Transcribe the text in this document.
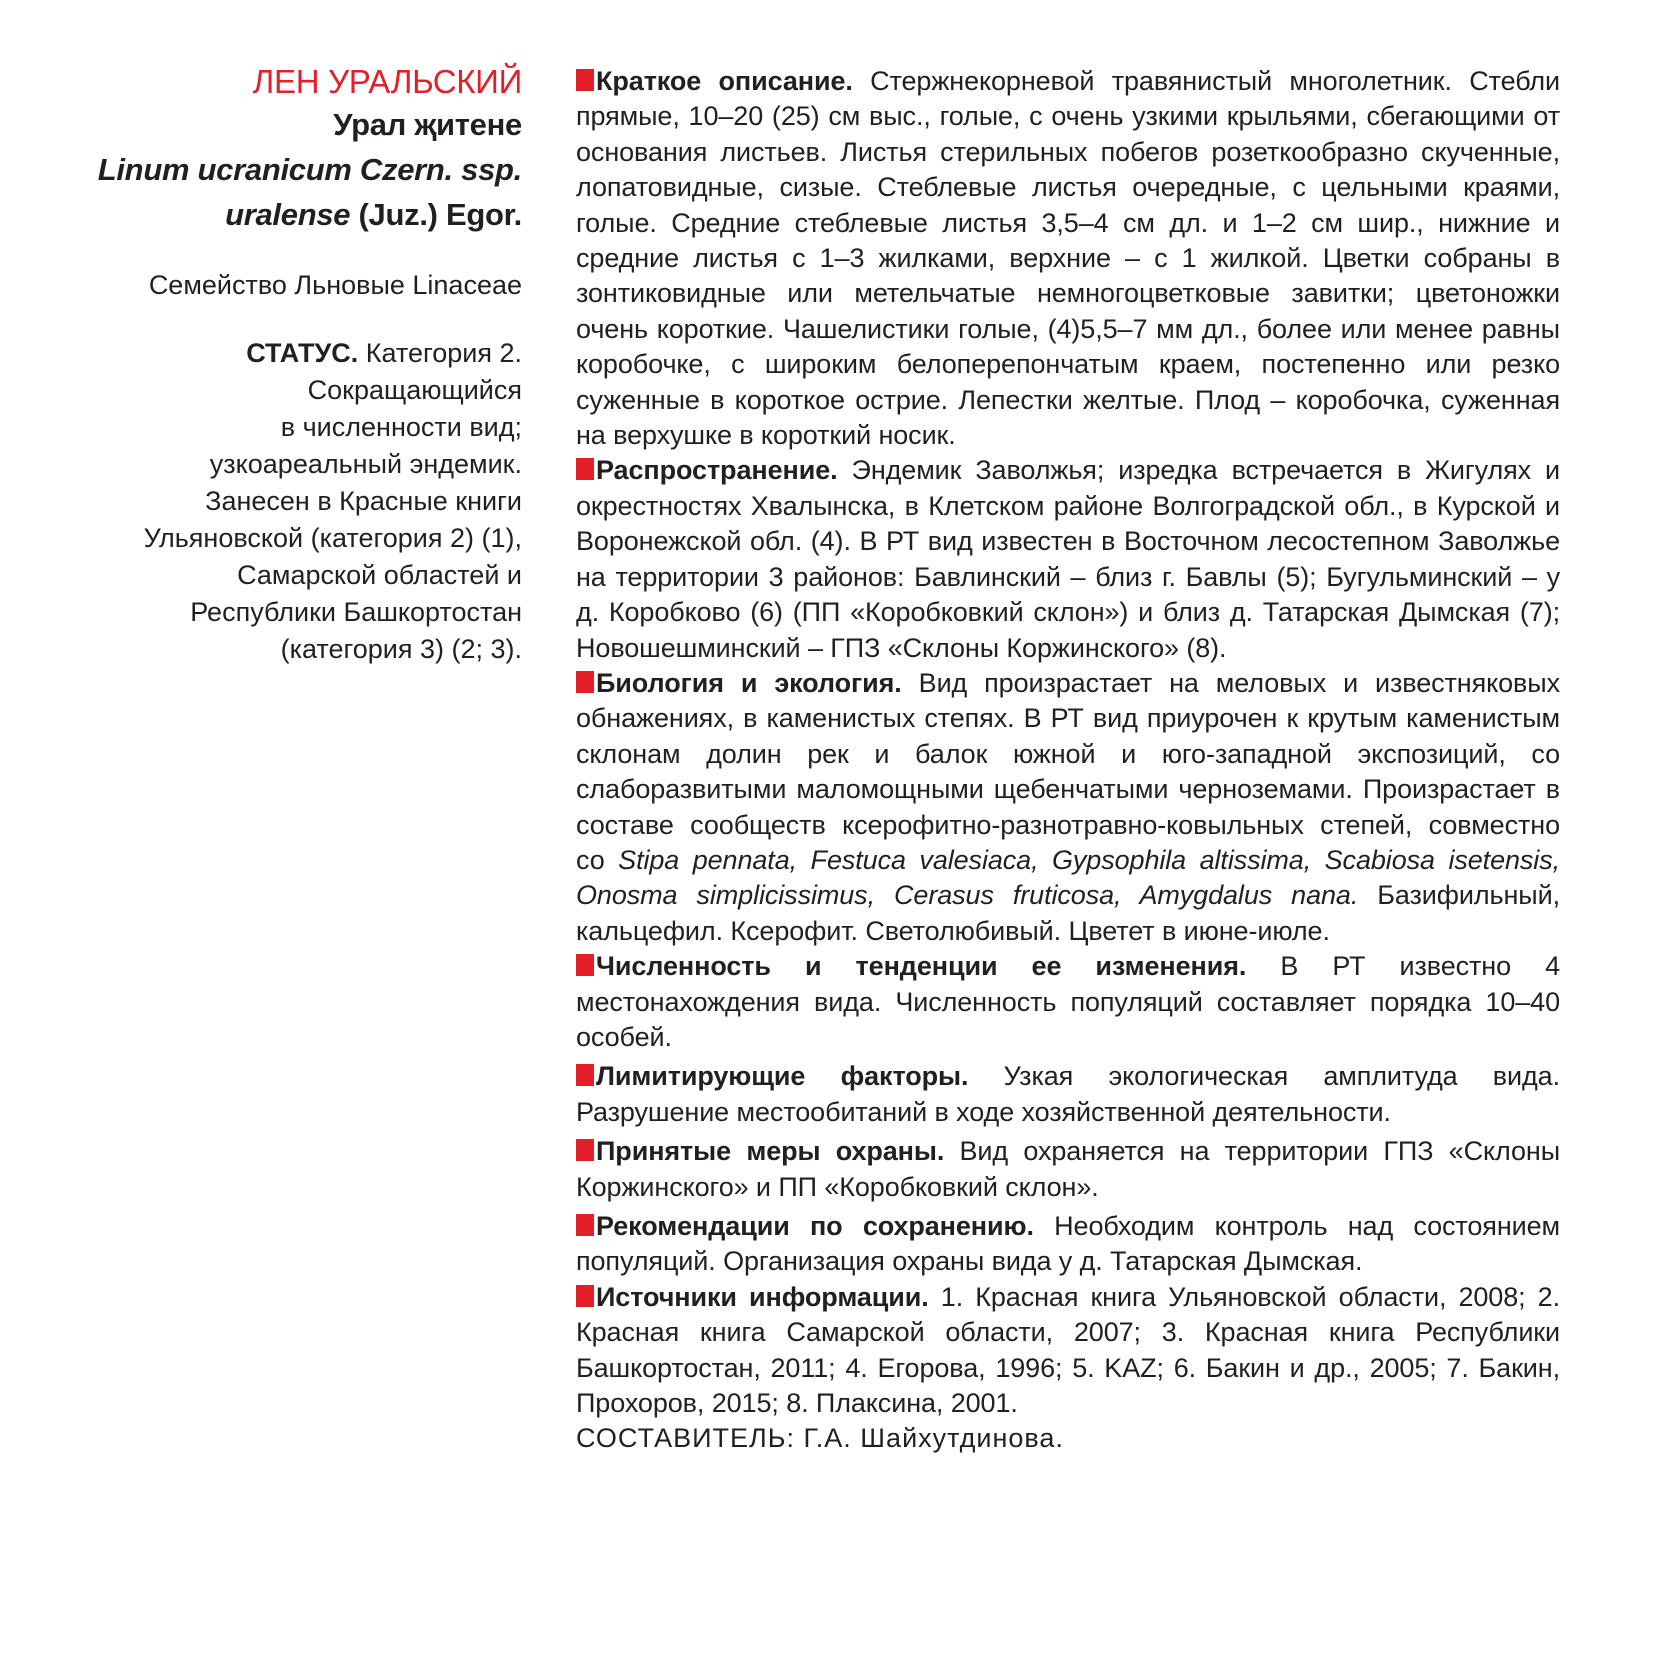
ЛЕН УРАЛЬСКИЙ
Урал җитене
Linum ucranicum Czern. ssp.
uralense (Juz.) Egor.
Семейство Льновые Linaceae
СТАТУС. Категория 2.
Сокращающийся
в численности вид;
узкоареальный эндемик.
Занесен в Красные книги
Ульяновской (категория 2) (1),
Самарской областей и
Республики Башкортостан
(категория 3) (2; 3).

Краткое описание. Стержнекорневой травянистый многолетник. Стебли прямые, 10–20 (25) см выс., голые, с очень узкими крыльями, сбегающими от основания листьев. Листья стерильных побегов розеткообразно скученные, лопатовидные, сизые. Стеблевые листья очередные, с цельными краями, голые. Средние стеблевые листья 3,5–4 см дл. и 1–2 см шир., нижние и средние листья с 1–3 жилками, верхние – с 1 жилкой. Цветки собраны в зонтиковидные или метельчатые немногоцветковые завитки; цветоножки очень короткие. Чашелистики голые, (4)5,5–7 мм дл., более или менее равны коробочке, с широким белоперепончатым краем, постепенно или резко суженные в короткое острие. Лепестки желтые. Плод – коробочка, суженная на верхушке в короткий носик.

Распространение. Эндемик Заволжья; изредка встречается в Жигулях и окрестностях Хвалынска, в Клетском районе Волгоградской обл., в Курской и Воронежской обл. (4). В РТ вид известен в Восточном лесостепном Заволжье на территории 3 районов: Бавлинский – близ г. Бавлы (5); Бугульминский – у д. Коробково (6) (ПП «Коробковкий склон») и близ д. Татарская Дымская (7); Новошешминский – ГПЗ «Склоны Коржинского» (8).

Биология и экология. Вид произрастает на меловых и известняковых обнажениях, в каменистых степях. В РТ вид приурочен к крутым каменистым склонам долин рек и балок южной и юго-западной экспозиций, со слаборазвитыми маломощными щебенчатыми черноземами. Произрастает в составе сообществ ксерофитно-разнотравно-ковыльных степей, совместно со Stipa pennata, Festuca valesiaca, Gypsophila altissima, Scabiosa isetensis, Onosma simplicissimus, Cerasus fruticosa, Amygdalus nana. Базифильный, кальцефил. Ксерофит. Светолюбивый. Цветет в июне-июле.

Численность и тенденции ее изменения. В РТ известно 4 местонахождения вида. Численность популяций составляет порядка 10–40 особей.

Лимитирующие факторы. Узкая экологическая амплитуда вида. Разрушение местообитаний в ходе хозяйственной деятельности.

Принятые меры охраны. Вид охраняется на территории ГПЗ «Склоны Коржинского» и ПП «Коробковкий склон».

Рекомендации по сохранению. Необходим контроль над состоянием популяций. Организация охраны вида у д. Татарская Дымская.

Источники информации. 1. Красная книга Ульяновской области, 2008; 2. Красная книга Самарской области, 2007; 3. Красная книга Республики Башкортостан, 2011; 4. Егорова, 1996; 5. KAZ; 6. Бакин и др., 2005; 7. Бакин, Прохоров, 2015; 8. Плаксина, 2001.

СОСТАВИТЕЛЬ: Г.А. Шайхутдинова.
